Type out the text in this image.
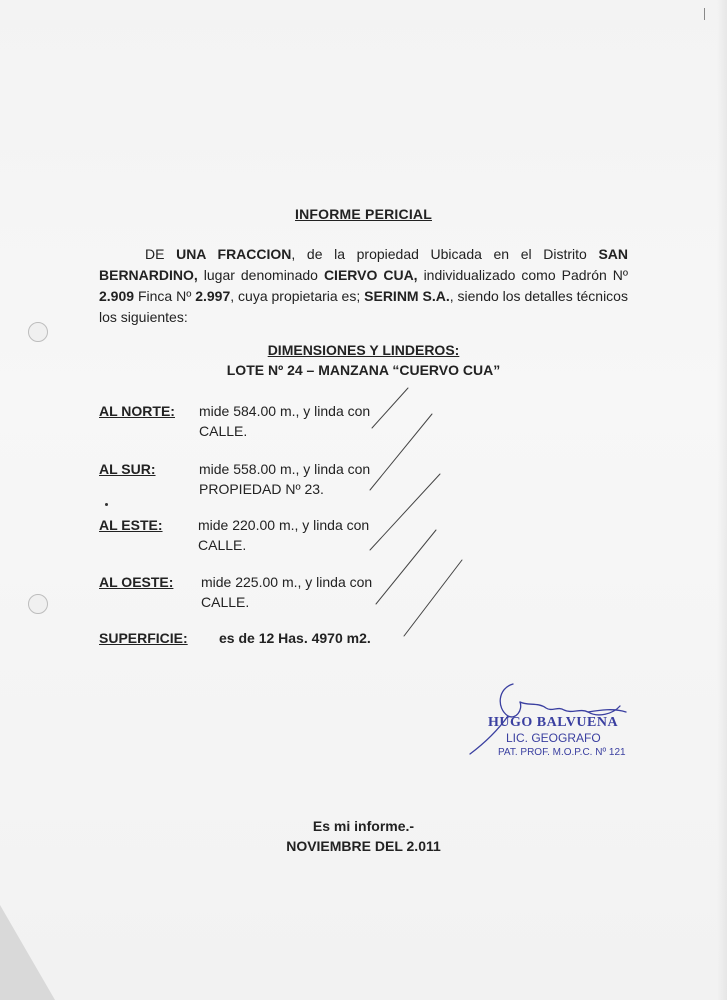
INFORME PERICIAL
DE UNA FRACCION, de la propiedad Ubicada en el Distrito SAN BERNARDINO, lugar denominado CIERVO CUA, individualizado como Padrón Nº 2.909 Finca Nº 2.997, cuya propietaria es; SERINM S.A., siendo los detalles técnicos los siguientes:
DIMENSIONES Y LINDEROS:
LOTE Nº 24 – MANZANA “CUERVO CUA”
AL NORTE: mide 584.00 m., y linda con
CALLE.
AL SUR:	mide 558.00 m., y linda con
PROPIEDAD Nº 23.
AL ESTE:	mide 220.00 m., y linda con
CALLE.
AL OESTE: mide 225.00 m., y linda con
CALLE.
SUPERFICIE: es de 12 Has. 4970 m2.
HUGO BALVUENA
LIC. GEOGRAFO
PAT. PROF. M.O.P.C. Nº 121
Es mi informe.-
NOVIEMBRE DEL 2.011
